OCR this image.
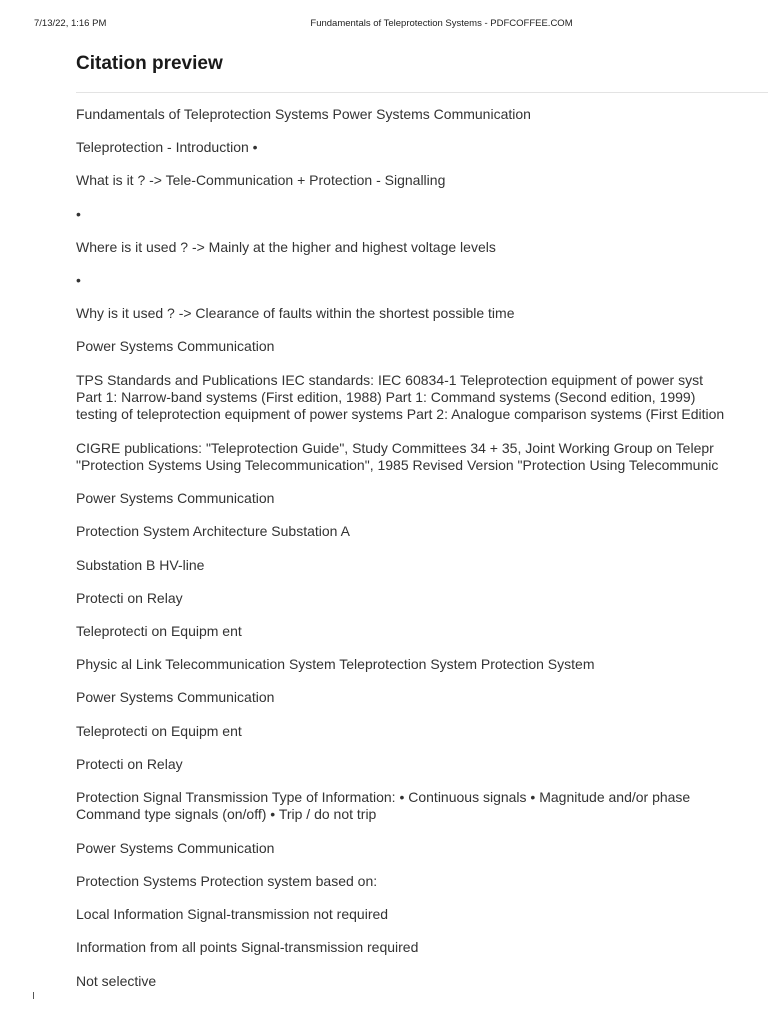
7/13/22, 1:16 PM	Fundamentals of Teleprotection Systems - PDFCOFFEE.COM
Citation preview

Fundamentals of Teleprotection Systems Power Systems Communication

Teleprotection - Introduction •

What is it ? -> Tele-Communication + Protection - Signalling

•

Where is it used ? -> Mainly at the higher and highest voltage levels

•

Why is it used ? -> Clearance of faults within the shortest possible time

Power Systems Communication

TPS Standards and Publications IEC standards: IEC 60834-1 Teleprotection equipment of power syst
Part 1: Narrow-band systems (First edition, 1988) Part 1: Command systems (Second edition, 1999)
testing of teleprotection equipment of power systems Part 2: Analogue comparison systems (First Edition

CIGRE publications: "Teleprotection Guide", Study Committees 34 + 35, Joint Working Group on Telepr
"Protection Systems Using Telecommunication", 1985 Revised Version "Protection Using Telecommunic

Power Systems Communication

Protection System Architecture Substation A

Substation B HV-line

Protecti on Relay

Teleprotecti on Equipm ent

Physic al Link Telecommunication System Teleprotection System Protection System

Power Systems Communication

Teleprotecti on Equipm ent

Protecti on Relay

Protection Signal Transmission Type of Information: • Continuous signals • Magnitude and/or phase
Command type signals (on/off) • Trip / do not trip

Power Systems Communication

Protection Systems Protection system based on:

Local Information Signal-transmission not required

Information from all points Signal-transmission required

Not selective
